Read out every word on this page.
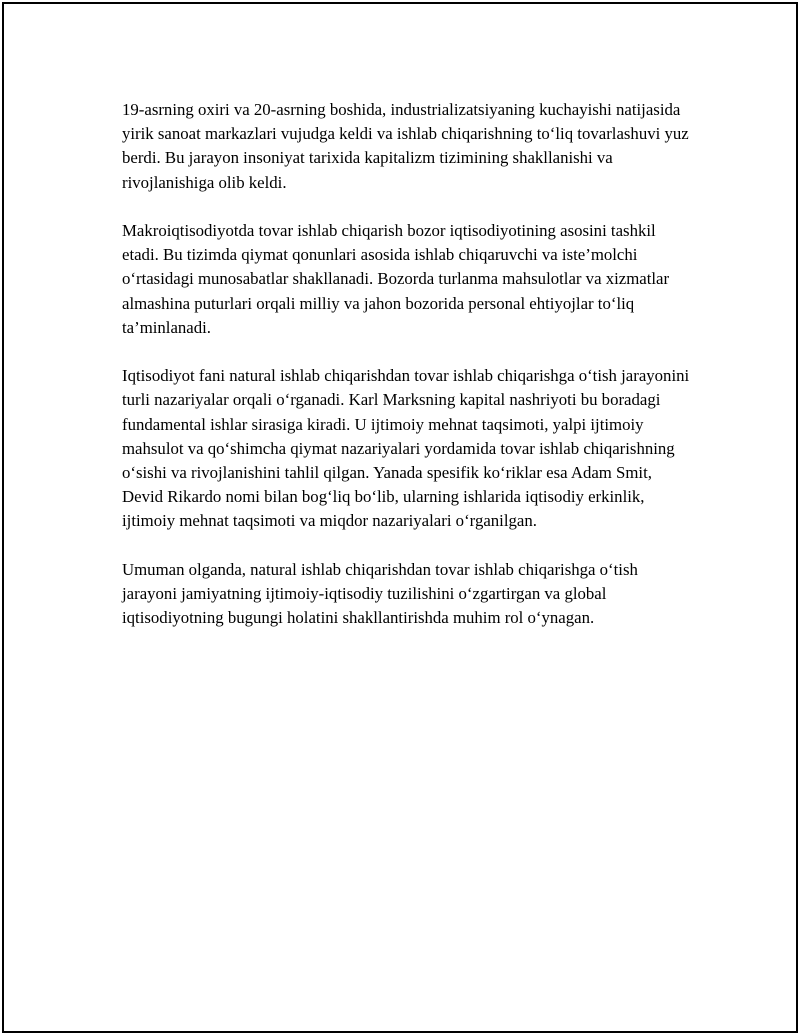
19-asrning oxiri va 20-asrning boshida, industrializatsiyaning kuchayishi natijasida yirik sanoat markazlari vujudga keldi va ishlab chiqarishning to‘liq tovarlashuvi yuz berdi. Bu jarayon insoniyat tarixida kapitalizm tizimining shakllanishi va rivojlanishiga olib keldi.

Makroiqtisodiyotda tovar ishlab chiqarish bozor iqtisodiyotining asosini tashkil etadi. Bu tizimda qiymat qonunlari asosida ishlab chiqaruvchi va iste’molchi o‘rtasidagi munosabatlar shakllanadi. Bozorda turlanma mahsulotlar va xizmatlar almashina puturlari orqali milliy va jahon bozorida personal ehtiyojlar to‘liq ta’minlanadi.

Iqtisodiyot fani natural ishlab chiqarishdan tovar ishlab chiqarishga o‘tish jarayonini turli nazariyalar orqali o‘rganadi. Karl Marksning kapital nashriyoti bu boradagi fundamental ishlar sirasiga kiradi. U ijtimoiy mehnat taqsimoti, yalpi ijtimoiy mahsulot va qo‘shimcha qiymat nazariyalari yordamida tovar ishlab chiqarishning o‘sishi va rivojlanishini tahlil qilgan. Yanada spesifik ko‘riklar esa Adam Smit, Devid Rikardo nomi bilan bog‘liq bo‘lib, ularning ishlarida iqtisodiy erkinlik, ijtimoiy mehnat taqsimoti va miqdor nazariyalari o‘rganilgan.

Umuman olganda, natural ishlab chiqarishdan tovar ishlab chiqarishga o‘tish jarayoni jamiyatning ijtimoiy-iqtisodiy tuzilishini o‘zgartirgan va global iqtisodiyotning bugungi holatini shakllantirishda muhim rol o‘ynagan.
